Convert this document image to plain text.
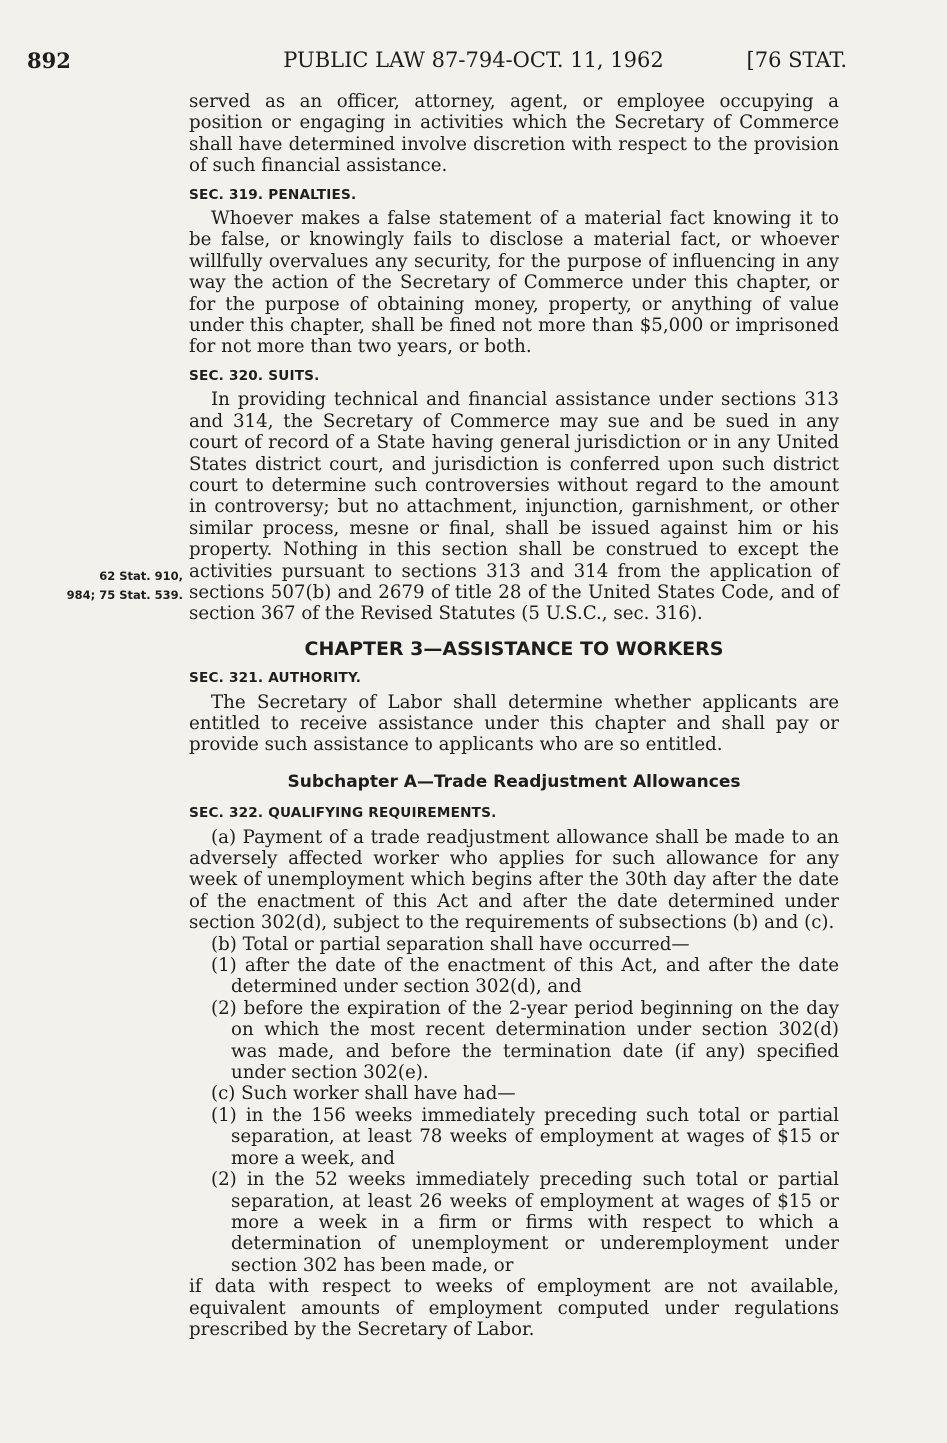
892	PUBLIC LAW 87-794-OCT. 11, 1962	[76 STAT.
62 Stat. 910,
984; 75 Stat. 539.

served as an officer, attorney, agent, or employee occupying a position or engaging in activities which the Secretary of Commerce shall have determined involve discretion with respect to the provision of such financial assistance.

SEC. 319. PENALTIES.

Whoever makes a false statement of a material fact knowing it to be false, or knowingly fails to disclose a material fact, or whoever willfully overvalues any security, for the purpose of influencing in any way the action of the Secretary of Commerce under this chapter, or for the purpose of obtaining money, property, or anything of value under this chapter, shall be fined not more than $5,000 or imprisoned for not more than two years, or both.

SEC. 320. SUITS.

In providing technical and financial assistance under sections 313 and 314, the Secretary of Commerce may sue and be sued in any court of record of a State having general jurisdiction or in any United States district court, and jurisdiction is conferred upon such district court to determine such controversies without regard to the amount in controversy; but no attachment, injunction, garnishment, or other similar process, mesne or final, shall be issued against him or his property. Nothing in this section shall be construed to except the activities pursuant to sections 313 and 314 from the application of sections 507(b) and 2679 of title 28 of the United States Code, and of section 367 of the Revised Statutes (5 U.S.C., sec. 316).

CHAPTER 3—ASSISTANCE TO WORKERS

SEC. 321. AUTHORITY.

The Secretary of Labor shall determine whether applicants are entitled to receive assistance under this chapter and shall pay or provide such assistance to applicants who are so entitled.

Subchapter A—Trade Readjustment Allowances

SEC. 322. QUALIFYING REQUIREMENTS.

(a) Payment of a trade readjustment allowance shall be made to an adversely affected worker who applies for such allowance for any week of unemployment which begins after the 30th day after the date of the enactment of this Act and after the date determined under section 302(d), subject to the requirements of subsections (b) and (c).

(b) Total or partial separation shall have occurred—

(1) after the date of the enactment of this Act, and after the date determined under section 302(d), and

(2) before the expiration of the 2-year period beginning on the day on which the most recent determination under section 302(d) was made, and before the termination date (if any) specified under section 302(e).

(c) Such worker shall have had—

(1) in the 156 weeks immediately preceding such total or partial separation, at least 78 weeks of employment at wages of $15 or more a week, and

(2) in the 52 weeks immediately preceding such total or partial separation, at least 26 weeks of employment at wages of $15 or more a week in a firm or firms with respect to which a determination of unemployment or underemployment under section 302 has been made, or

if data with respect to weeks of employment are not available, equivalent amounts of employment computed under regulations prescribed by the Secretary of Labor.
